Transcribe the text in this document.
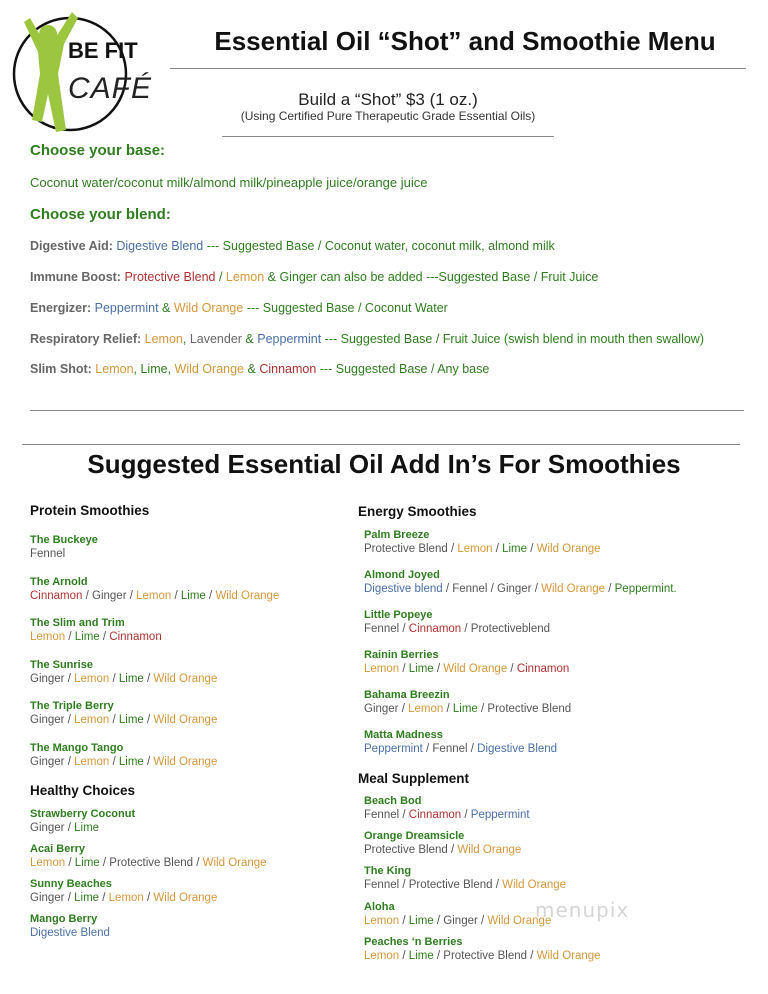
BE FIT
CAFÉ
Essential Oil “Shot” and Smoothie Menu
Build a “Shot” $3 (1 oz.)
(Using Certified Pure Therapeutic Grade Essential Oils)
Choose your base:
Coconut water/coconut milk/almond milk/pineapple juice/orange juice
Choose your blend:
Digestive Aid: Digestive Blend --- Suggested Base / Coconut water, coconut milk, almond milk
Immune Boost: Protective Blend / Lemon & Ginger can also be added ---Suggested Base / Fruit Juice
Energizer: Peppermint & Wild Orange --- Suggested Base / Coconut Water
Respiratory Relief: Lemon, Lavender & Peppermint --- Suggested Base / Fruit Juice (swish blend in mouth then swallow)
Slim Shot: Lemon, Lime, Wild Orange & Cinnamon --- Suggested Base / Any base
Suggested Essential Oil Add In’s For Smoothies
Protein Smoothies
The Buckeye
Fennel
The Arnold
Cinnamon / Ginger / Lemon / Lime / Wild Orange
The Slim and Trim
Lemon / Lime / Cinnamon
The Sunrise
Ginger / Lemon / Lime / Wild Orange
The Triple Berry
Ginger / Lemon / Lime / Wild Orange
The Mango Tango
Ginger / Lemon / Lime / Wild Orange
Healthy Choices
Strawberry Coconut
Ginger / Lime
Acai Berry
Lemon / Lime / Protective Blend / Wild Orange
Sunny Beaches
Ginger / Lime / Lemon / Wild Orange
Mango Berry
Digestive Blend
Energy Smoothies
Palm Breeze
Protective Blend / Lemon / Lime / Wild Orange
Almond Joyed
Digestive blend / Fennel / Ginger / Wild Orange / Peppermint.
Little Popeye
Fennel / Cinnamon / Protectiveblend
Rainin Berries
Lemon / Lime / Wild Orange / Cinnamon
Bahama Breezin
Ginger / Lemon / Lime / Protective Blend
Matta Madness
Peppermint / Fennel / Digestive Blend
Meal Supplement
Beach Bod
Fennel / Cinnamon / Peppermint
Orange Dreamsicle
Protective Blend / Wild Orange
The King
Fennel / Protective Blend / Wild Orange
Aloha
Lemon / Lime / Ginger / Wild Orange
Peaches ‘n Berries
Lemon / Lime / Protective Blend / Wild Orange
menupix
